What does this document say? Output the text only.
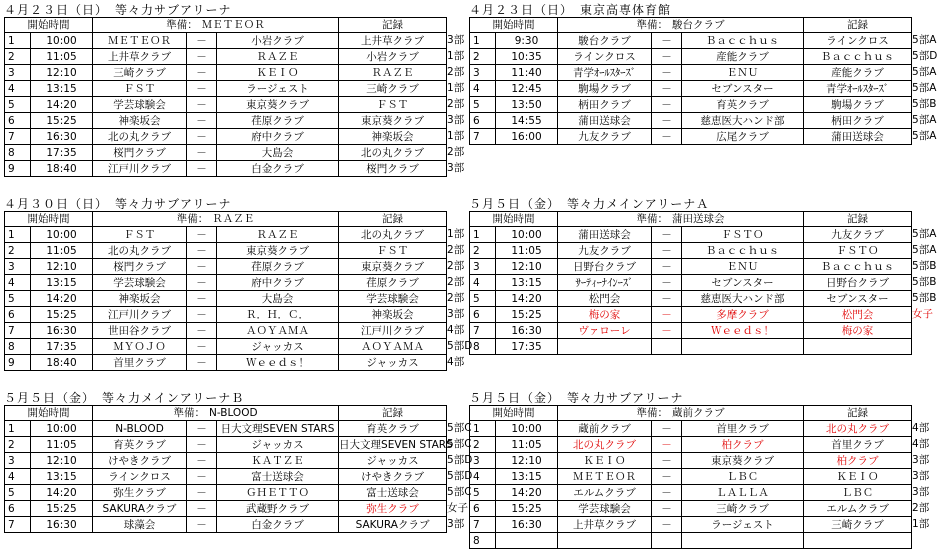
４月２３日（日）　等々力サブアリーナ
開始時間		準備： ＭＥＴＥＯＲ			記録	
1	10:00	ＭＥＴＥＯＲ	－	小岩クラブ	上井草クラブ	3部

2	11:05	上井草クラブ	－	ＲＡＺＥ	小岩クラブ	1部

3	12:10	三崎クラブ	－	ＫＥＩＯ	ＲＡＺＥ	2部

4	13:15	ＦＳＴ	－	ラージェスト	三崎クラブ	1部

5	14:20	学芸球験会	－	東京葵クラブ	ＦＳＴ	2部

6	15:25	神楽坂会	－	荏原クラブ	東京葵クラブ	3部

7	16:30	北の丸クラブ	－	府中クラブ	神楽坂会	1部

8	17:35	桜門クラブ	－	大島会	北の丸クラブ	2部

9	18:40	江戸川クラブ	－	白金クラブ	桜門クラブ	3部
４月２３日（日）　東京高専体育館
開始時間		準備： 駿台クラブ			記録	
1	9:30	駿台クラブ	－	Ｂａｃｃｈｕｓ	ラインクロス	5部A

2	10:35	ラインクロス	－	産能クラブ	Ｂａｃｃｈｕｓ	5部D

3	11:40	青学ｵｰﾙｽﾀｰｽﾞ	－	ＥＮＵ	産能クラブ	5部A

4	12:45	駒場クラブ	－	セブンスター	青学ｵｰﾙｽﾀｰｽﾞ	5部A

5	13:50	柄田クラブ	－	育英クラブ	駒場クラブ	5部B

6	14:55	蒲田送球会	－	慈恵医大ハンド部	柄田クラブ	5部A

7	16:00	九友クラブ	－	広尾クラブ	蒲田送球会	5部A
４月３０日（日）　等々力サブアリーナ
開始時間		準備： ＲＡＺＥ			記録	
1	10:00	ＦＳＴ	－	ＲＡＺＥ	北の丸クラブ	1部

2	11:05	北の丸クラブ	－	東京葵クラブ	ＦＳＴ	2部

3	12:10	桜門クラブ	－	荏原クラブ	東京葵クラブ	2部

4	13:15	学芸球験会	－	府中クラブ	荏原クラブ	2部

5	14:20	神楽坂会	－	大島会	学芸球験会	2部

6	15:25	江戸川クラブ	－	Ｒ．Ｈ．Ｃ．	神楽坂会	3部

7	16:30	世田谷クラブ	－	ＡＯＹＡＭＡ	江戸川クラブ	4部

8	17:35	ＭＹＯＪＯ	－	ジャッカス	ＡＯＹＡＭＡ	5部D

9	18:40	首里クラブ	－	Ｗｅｅｄｓ！	ジャッカス	4部
５月５日（金）　等々力メインアリーナＡ
開始時間		準備： 蒲田送球会			記録	
1	10:00	蒲田送球会	－	ＦＳＴＯ	九友クラブ	5部A

2	11:05	九友クラブ	－	Ｂａｃｃｈｕｓ	ＦＳＴＯ	5部A

3	12:10	日野台クラブ	－	ＥＮＵ	Ｂａｃｃｈｕｓ	5部B

4	13:15	ｻｰﾃｨｰﾅｲﾝｰｽﾞ	－	セブンスター	日野台クラブ	5部B

5	14:20	松門会	－	慈恵医大ハンド部	セブンスター	5部B

6	15:25	梅の家	－	多摩クラブ	松門会	女子

7	16:30	ヴァローレ	－	Ｗｅｅｄｓ！	梅の家	

8	17:35					
５月５日（金）　等々力メインアリーナＢ
開始時間		準備： N-BLOOD			記録	
1	10:00	N-BLOOD	－	日大文理SEVEN STARS	育英クラブ	5部C

2	11:05	育英クラブ	－	ジャッカス	日大文理SEVEN STARS	5部C

3	12:10	けやきクラブ	－	ＫＡＴＺＥ	ジャッカス	5部D

4	13:15	ラインクロス	－	富士送球会	けやきクラブ	5部D

5	14:20	弥生クラブ	－	ＧＨＥＴＴＯ	富士送球会	5部C

6	15:25	SAKURAクラブ	－	武蔵野クラブ	弥生クラブ	女子

7	16:30	球藻会	－	白金クラブ	SAKURAクラブ	3部
５月５日（金）　等々力サブアリーナ
開始時間		準備： 蔵前クラブ			記録	
1	10:00	蔵前クラブ	－	首里クラブ	北の丸クラブ	4部

2	11:05	北の丸クラブ	－	柏クラブ	首里クラブ	4部

3	12:10	ＫＥＩＯ	－	東京葵クラブ	柏クラブ	3部

4	13:15	ＭＥＴＥＯＲ	－	ＬＢＣ	ＫＥＩＯ	3部

5	14:20	エルムクラブ	－	ＬＡＬＬＡ	ＬＢＣ	3部

6	15:25	学芸球験会	－	三崎クラブ	エルムクラブ	2部

7	16:30	上井草クラブ	－	ラージェスト	三崎クラブ	1部

8						
